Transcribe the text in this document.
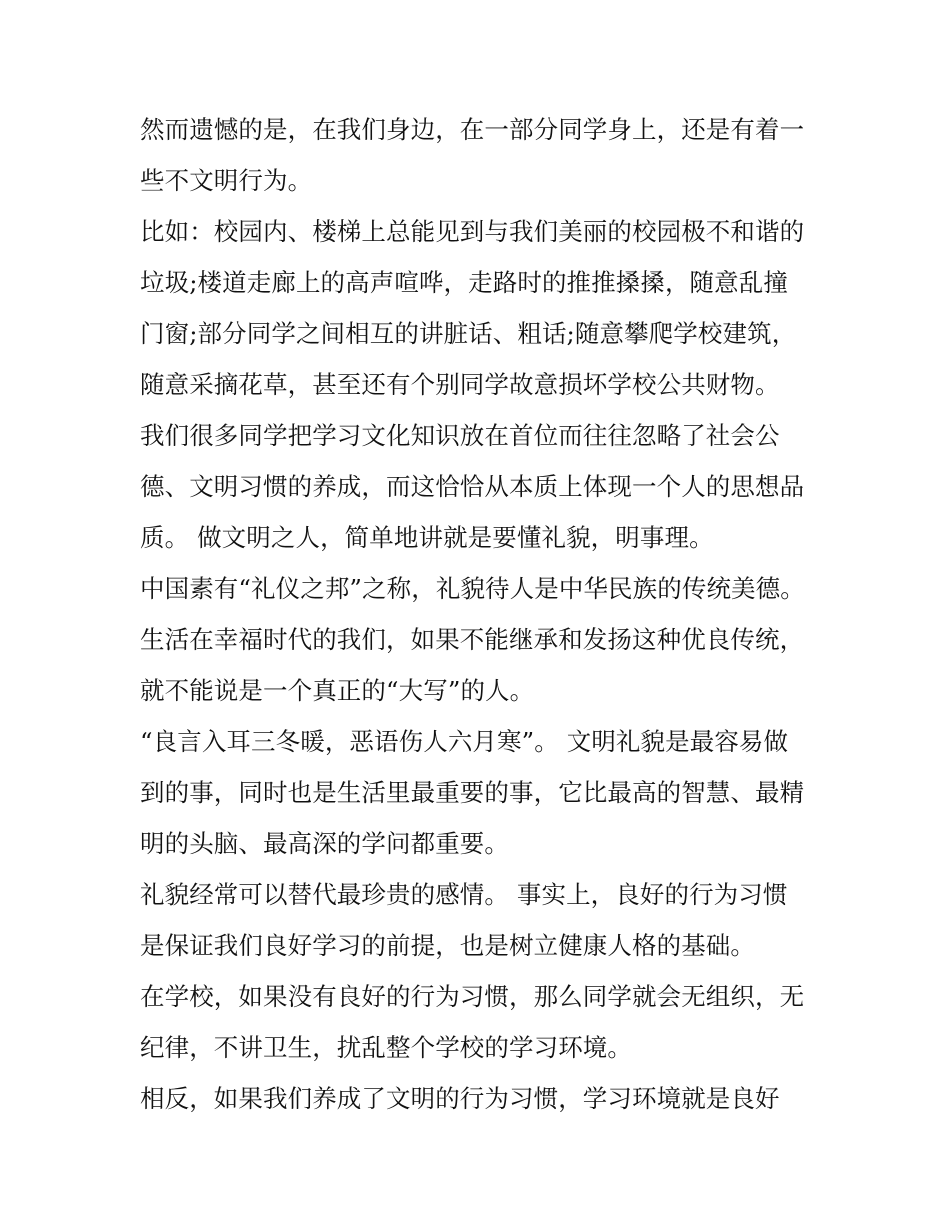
然而遗憾的是，在我们身边，在一部分同学身上，还是有着一
些不文明行为。
比如：校园内、楼梯上总能见到与我们美丽的校园极不和谐的
垃圾;楼道走廊上的高声喧哗，走路时的推推搡搡，随意乱撞
门窗;部分同学之间相互的讲脏话、粗话;随意攀爬学校建筑，
随意采摘花草，甚至还有个别同学故意损坏学校公共财物。
我们很多同学把学习文化知识放在首位而往往忽略了社会公
德、文明习惯的养成，而这恰恰从本质上体现一个人的思想品
质。 做文明之人，简单地讲就是要懂礼貌，明事理。
中国素有“礼仪之邦”之称，礼貌待人是中华民族的传统美德。
生活在幸福时代的我们，如果不能继承和发扬这种优良传统，
就不能说是一个真正的“大写”的人。
“良言入耳三冬暖，恶语伤人六月寒”。 文明礼貌是最容易做
到的事，同时也是生活里最重要的事，它比最高的智慧、最精
明的头脑、最高深的学问都重要。
礼貌经常可以替代最珍贵的感情。 事实上，良好的行为习惯
是保证我们良好学习的前提，也是树立健康人格的基础。
在学校，如果没有良好的行为习惯，那么同学就会无组织，无
纪律，不讲卫生，扰乱整个学校的学习环境。
相反，如果我们养成了文明的行为习惯，学习环境就是良好
